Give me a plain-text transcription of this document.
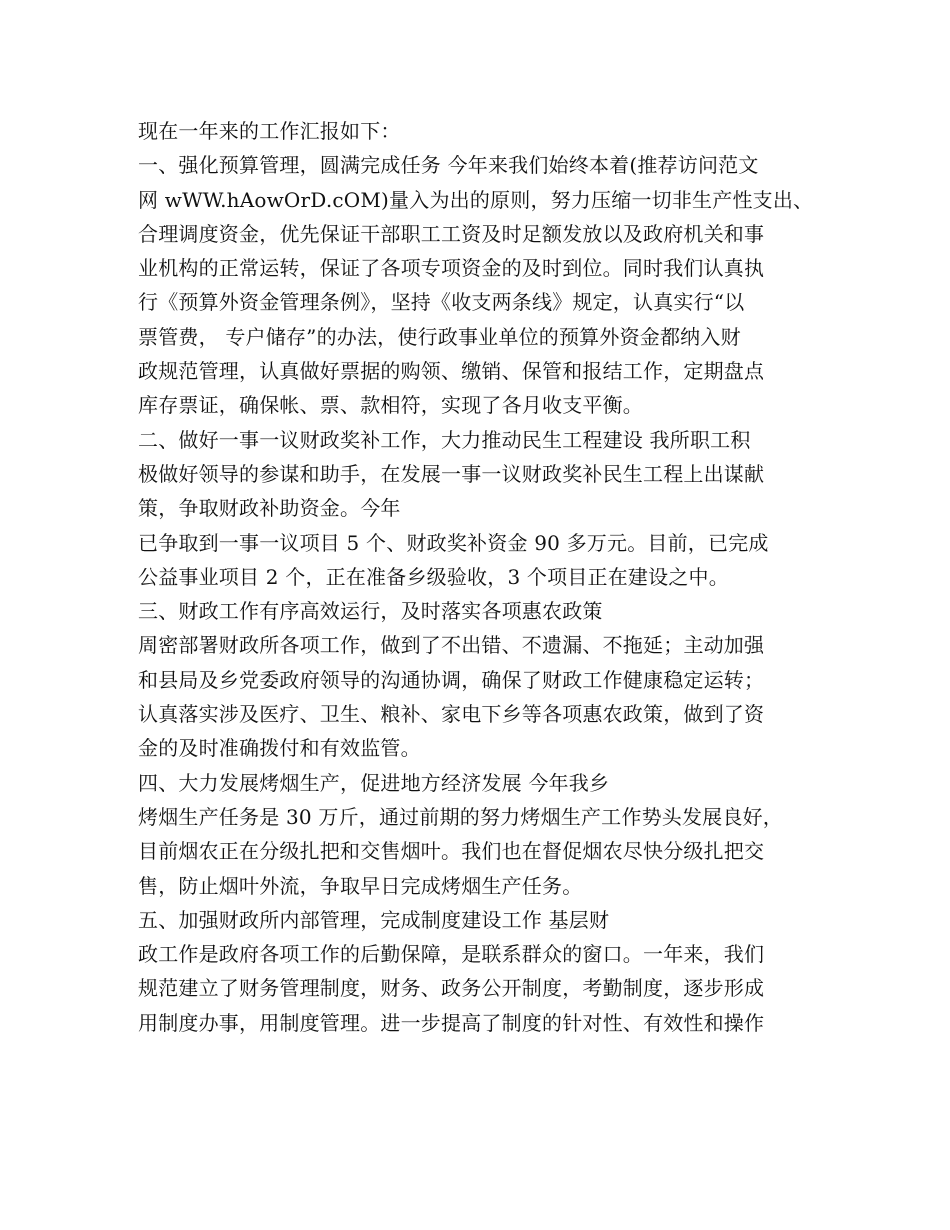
现在一年来的工作汇报如下：
一、强化预算管理，圆满完成任务 今年来我们始终本着(推荐访问范文
网 wWW.hAowOrD.cOM)量入为出的原则，努力压缩一切非生产性支出、
合理调度资金，优先保证干部职工工资及时足额发放以及政府机关和事
业机构的正常运转，保证了各项专项资金的及时到位。同时我们认真执
行《预算外资金管理条例》，坚持《收支两条线》规定，认真实行“以
票管费， 专户储存”的办法，使行政事业单位的预算外资金都纳入财
政规范管理，认真做好票据的购领、缴销、保管和报结工作，定期盘点
库存票证，确保帐、票、款相符，实现了各月收支平衡。
二、做好一事一议财政奖补工作，大力推动民生工程建设 我所职工积
极做好领导的参谋和助手，在发展一事一议财政奖补民生工程上出谋献
策，争取财政补助资金。今年
已争取到一事一议项目 5 个、财政奖补资金 90 多万元。目前，已完成
公益事业项目 2 个，正在准备乡级验收，3 个项目正在建设之中。
三、财政工作有序高效运行，及时落实各项惠农政策
周密部署财政所各项工作，做到了不出错、不遗漏、不拖延；主动加强
和县局及乡党委政府领导的沟通协调，确保了财政工作健康稳定运转；
认真落实涉及医疗、卫生、粮补、家电下乡等各项惠农政策，做到了资
金的及时准确拨付和有效监管。
四、大力发展烤烟生产，促进地方经济发展 今年我乡
烤烟生产任务是 30 万斤，通过前期的努力烤烟生产工作势头发展良好，
目前烟农正在分级扎把和交售烟叶。我们也在督促烟农尽快分级扎把交
售，防止烟叶外流，争取早日完成烤烟生产任务。
五、加强财政所内部管理，完成制度建设工作 基层财
政工作是政府各项工作的后勤保障，是联系群众的窗口。一年来，我们
规范建立了财务管理制度，财务、政务公开制度，考勤制度，逐步形成
用制度办事，用制度管理。进一步提高了制度的针对性、有效性和操作
